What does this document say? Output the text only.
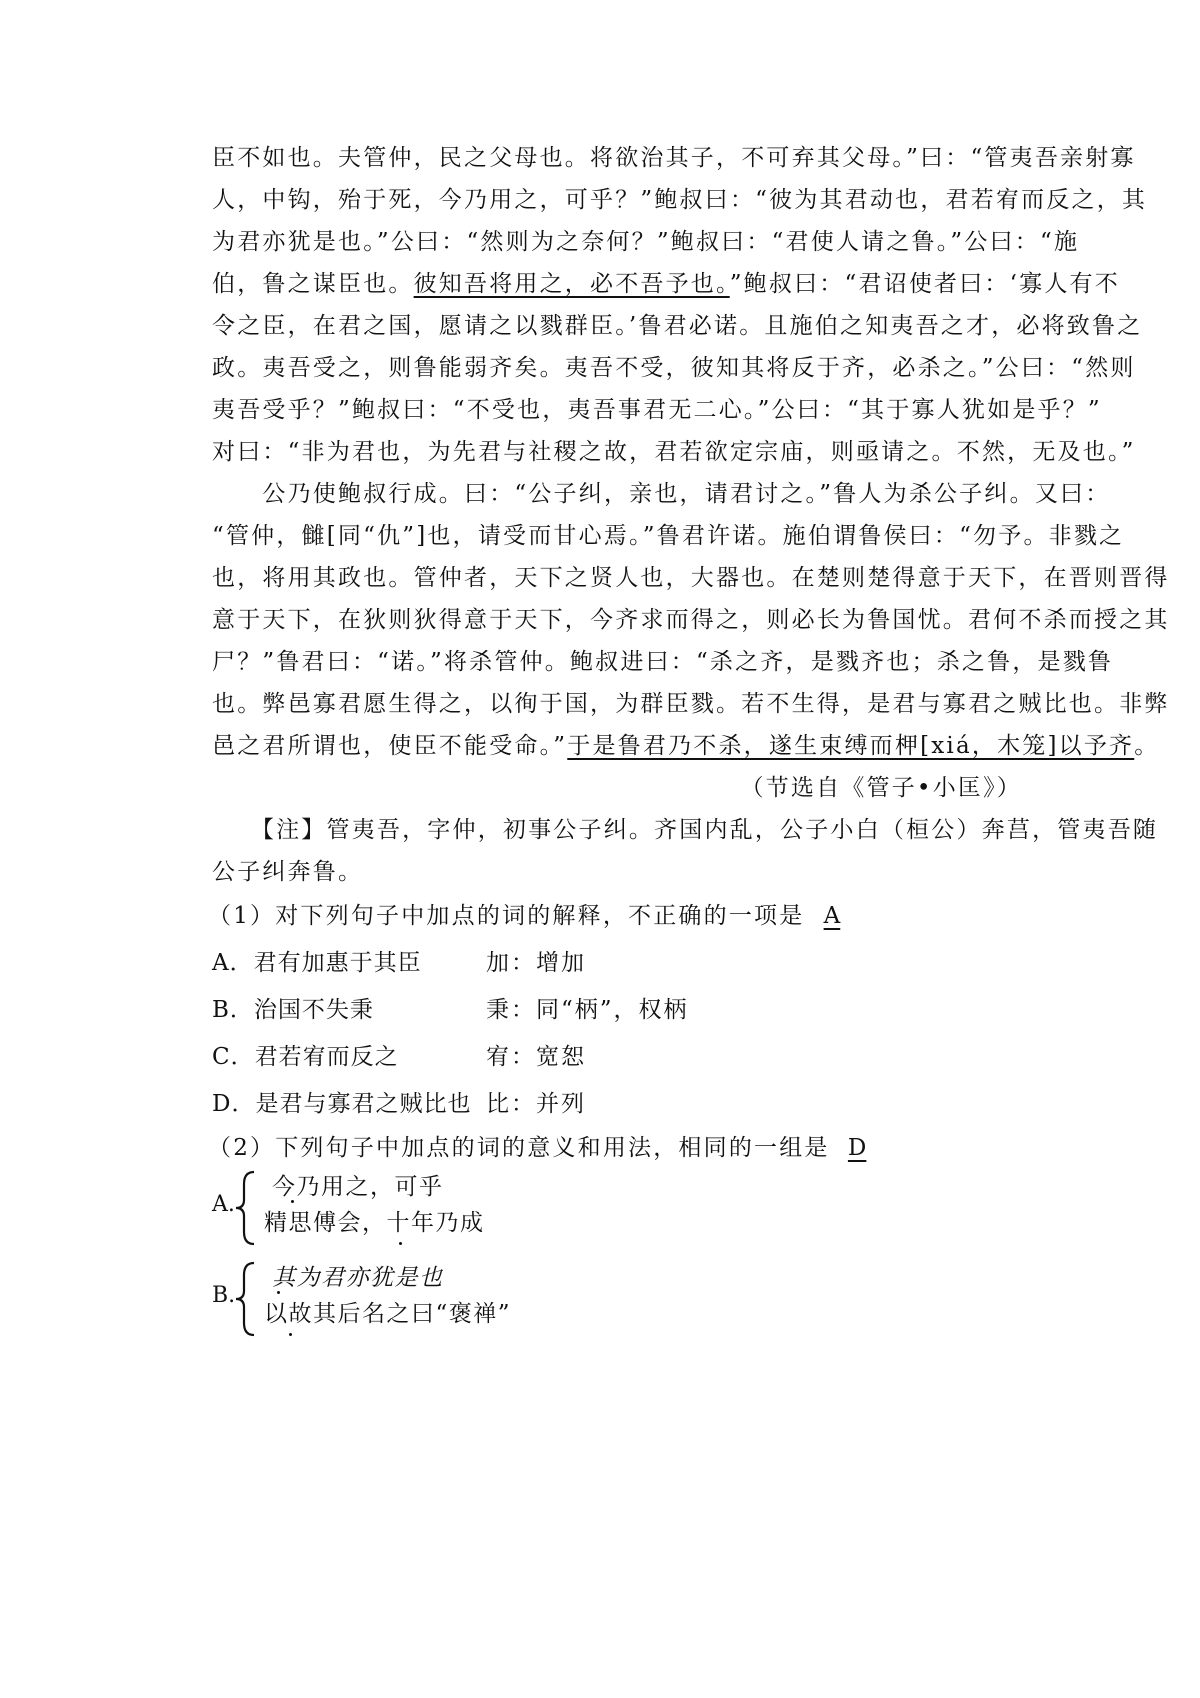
臣不如也。夫管仲，民之父母也。将欲治其子，不可弃其父母。”曰：“管夷吾亲射寡
人，中钩，殆于死，今乃用之，可乎？”鲍叔曰：“彼为其君动也，君若宥而反之，其
为君亦犹是也。”公曰：“然则为之奈何？”鲍叔曰：“君使人请之鲁。”公曰：“施
伯，鲁之谋臣也。彼知吾将用之，必不吾予也。”鲍叔曰：“君诏使者曰：‘寡人有不
令之臣，在君之国，愿请之以戮群臣。’鲁君必诺。且施伯之知夷吾之才，必将致鲁之
政。夷吾受之，则鲁能弱齐矣。夷吾不受，彼知其将反于齐，必杀之。”公曰：“然则
夷吾受乎？”鲍叔曰：“不受也，夷吾事君无二心。”公曰：“其于寡人犹如是乎？”
对曰：“非为君也，为先君与社稷之故，君若欲定宗庙，则亟请之。不然，无及也。”
　　公乃使鲍叔行成。曰：“公子纠，亲也，请君讨之。”鲁人为杀公子纠。又曰：
“管仲，雠[同“仇”]也，请受而甘心焉。”鲁君许诺。施伯谓鲁侯曰：“勿予。非戮之
也，将用其政也。管仲者，天下之贤人也，大器也。在楚则楚得意于天下，在晋则晋得
意于天下，在狄则狄得意于天下，今齐求而得之，则必长为鲁国忧。君何不杀而授之其
尸？”鲁君曰：“诺。”将杀管仲。鲍叔进曰：“杀之齐，是戮齐也；杀之鲁，是戮鲁
也。弊邑寡君愿生得之，以徇于国，为群臣戮。若不生得，是君与寡君之贼比也。非弊
邑之君所谓也，使臣不能受命。”于是鲁君乃不杀，遂生束缚而柙[xiá，木笼]以予齐。
（节选自《管子•小匡》）
　　【注】管夷吾，字仲，初事公子纠。齐国内乱，公子小白（桓公）奔莒，管夷吾随
公子纠奔鲁。
（1）对下列句子中加点的词的解释，不正确的一项是 A
A．君有加惠于其臣	加：增加
B．治国不失秉	秉：同“柄”，权柄
C．君若宥而反之	宥：宽恕
D．是君与寡君之贼比也 比：并列
（2）下列句子中加点的词的意义和用法，相同的一组是 D
A.
今乃用之，可乎
精思傅会，十年乃成
B.
其为君亦犹是也
以故其后名之曰“褒禅”
